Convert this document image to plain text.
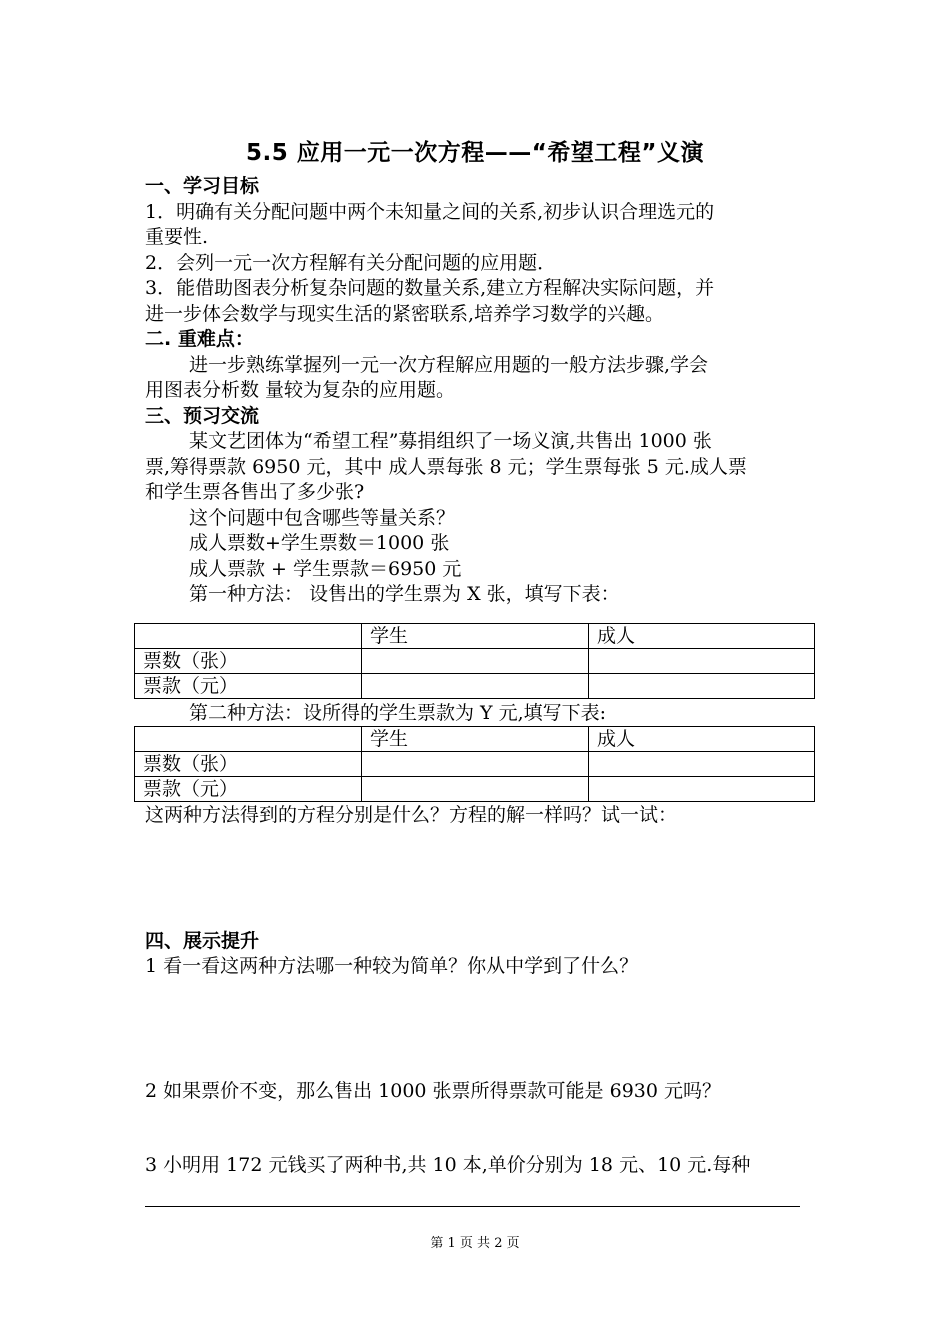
5.5 应用一元一次方程——“希望工程”义演
一、学习目标

1．明确有关分配问题中两个未知量之间的关系,初步认识合理选元的

重要性.

2．会列一元一次方程解有关分配问题的应用题．

3．能借助图表分析复杂问题的数量关系,建立方程解决实际问题，并

进一步体会数学与现实生活的紧密联系,培养学习数学的兴趣。

二. 重难点：

进一步熟练掌握列一元一次方程解应用题的一般方法步骤,学会

用图表分析数 量较为复杂的应用题。

三、预习交流

某文艺团体为“希望工程”募捐组织了一场义演,共售出 1000 张

票,筹得票款 6950 元，其中 成人票每张 8 元；学生票每张 5 元.成人票

和学生票各售出了多少张?

这个问题中包含哪些等量关系？

成人票数+学生票数＝1000 张

成人票款 + 学生票款＝6950 元

第一种方法： 设售出的学生票为 X 张，填写下表：

	学生	成人
票数（张）		
票款（元）		
第二种方法：设所得的学生票款为 Y 元,填写下表:
	学生	成人
票数（张）		
票款（元）		
这两种方法得到的方程分别是什么？方程的解一样吗？试一试：
四、展示提升
1 看一看这两种方法哪一种较为简单？你从中学到了什么？
2 如果票价不变，那么售出 1000 张票所得票款可能是 6930 元吗？
3 小明用 172 元钱买了两种书,共 10 本,单价分别为 18 元、10 元.每种
第 1 页 共 2 页
